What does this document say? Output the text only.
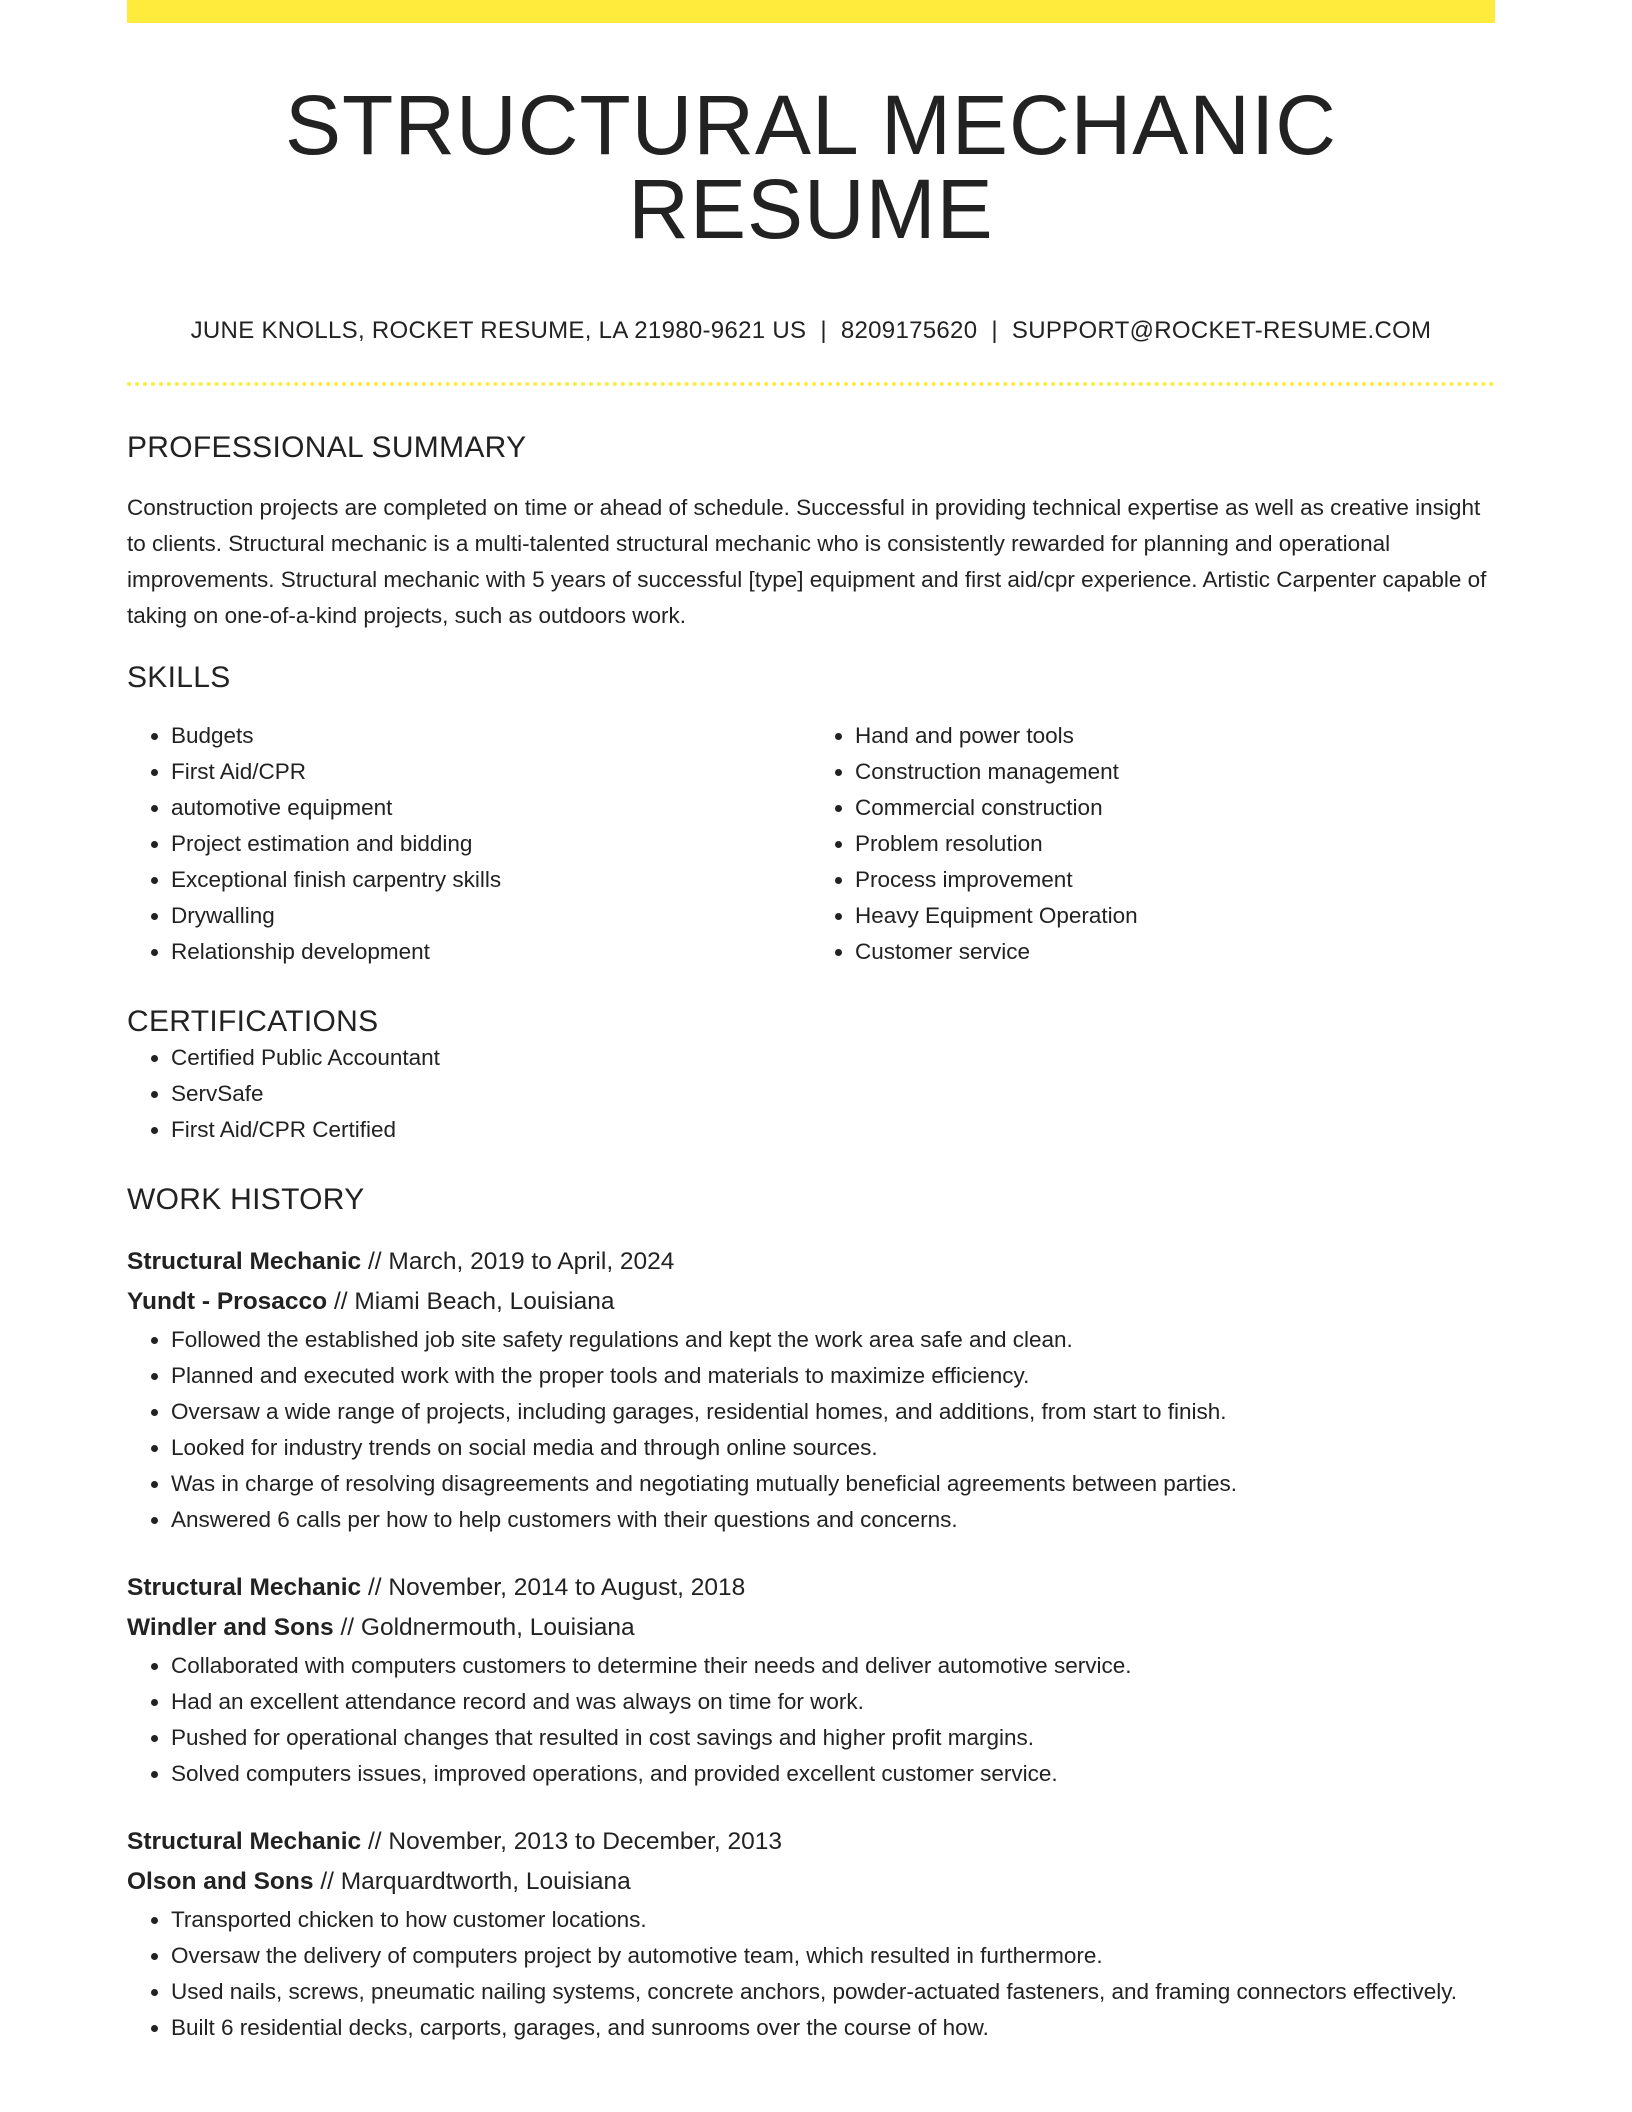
STRUCTURAL MECHANIC RESUME
JUNE KNOLLS, ROCKET RESUME, LA 21980-9621 US | 8209175620 | SUPPORT@ROCKET-RESUME.COM
PROFESSIONAL SUMMARY

Construction projects are completed on time or ahead of schedule. Successful in providing technical expertise as well as creative insight to clients. Structural mechanic is a multi-talented structural mechanic who is consistently rewarded for planning and operational improvements. Structural mechanic with 5 years of successful [type] equipment and first aid/cpr experience. Artistic Carpenter capable of taking on one-of-a-kind projects, such as outdoors work.

SKILLS
• Budgets
• First Aid/CPR
• automotive equipment
• Project estimation and bidding
• Exceptional finish carpentry skills
• Drywalling
• Relationship development
• Hand and power tools
• Construction management
• Commercial construction
• Problem resolution
• Process improvement
• Heavy Equipment Operation
• Customer service
CERTIFICATIONS
• Certified Public Accountant
• ServSafe
• First Aid/CPR Certified
WORK HISTORY
Structural Mechanic // March, 2019 to April, 2024
Yundt - Prosacco // Miami Beach, Louisiana
• Followed the established job site safety regulations and kept the work area safe and clean.
• Planned and executed work with the proper tools and materials to maximize efficiency.
• Oversaw a wide range of projects, including garages, residential homes, and additions, from start to finish.
• Looked for industry trends on social media and through online sources.
• Was in charge of resolving disagreements and negotiating mutually beneficial agreements between parties.
• Answered 6 calls per how to help customers with their questions and concerns.
Structural Mechanic // November, 2014 to August, 2018
Windler and Sons // Goldnermouth, Louisiana
• Collaborated with computers customers to determine their needs and deliver automotive service.
• Had an excellent attendance record and was always on time for work.
• Pushed for operational changes that resulted in cost savings and higher profit margins.
• Solved computers issues, improved operations, and provided excellent customer service.
Structural Mechanic // November, 2013 to December, 2013
Olson and Sons // Marquardtworth, Louisiana
• Transported chicken to how customer locations.
• Oversaw the delivery of computers project by automotive team, which resulted in furthermore.
• Used nails, screws, pneumatic nailing systems, concrete anchors, powder-actuated fasteners, and framing connectors effectively.
• Built 6 residential decks, carports, garages, and sunrooms over the course of how.
